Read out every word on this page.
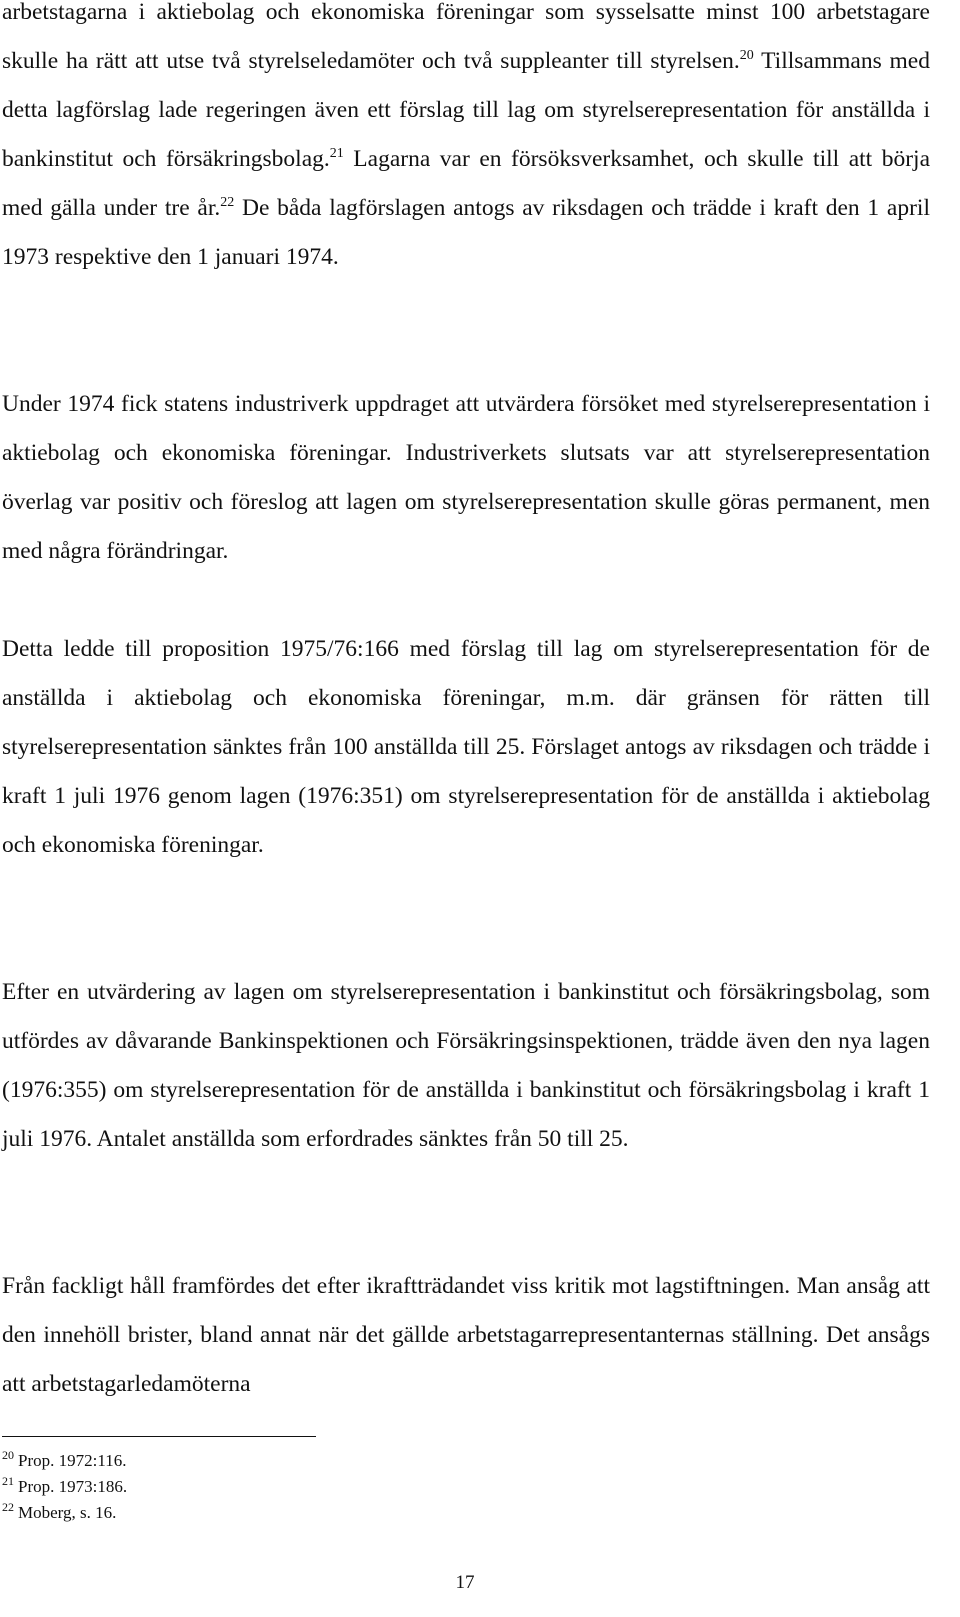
arbetstagarna i aktiebolag och ekonomiska föreningar som sysselsatte minst 100 arbetstagare skulle ha rätt att utse två styrelseledamöter och två suppleanter till styrelsen.$^{20}$ Tillsammans med detta lagförslag lade regeringen även ett förslag till lag om styrelserepresentation för anställda i bankinstitut och försäkringsbolag.$^{21}$ Lagarna var en försöksverksamhet, och skulle till att börja med gälla under tre år.$^{22}$ De båda lagförslagen antogs av riksdagen och trädde i kraft den 1 april 1973 respektive den 1 januari 1974.

Under 1974 fick statens industriverk uppdraget att utvärdera försöket med styrelserepresentation i aktiebolag och ekonomiska föreningar. Industriverkets slutsats var att styrelserepresentation överlag var positiv och föreslog att lagen om styrelserepresentation skulle göras permanent, men med några förändringar.

Detta ledde till proposition 1975/76:166 med förslag till lag om styrelserepresentation för de anställda i aktiebolag och ekonomiska föreningar, m.m. där gränsen för rätten till styrelserepresentation sänktes från 100 anställda till 25. Förslaget antogs av riksdagen och trädde i kraft 1 juli 1976 genom lagen (1976:351) om styrelserepresentation för de anställda i aktiebolag och ekonomiska föreningar.

Efter en utvärdering av lagen om styrelserepresentation i bankinstitut och försäkringsbolag, som utfördes av dåvarande Bankinspektionen och Försäkringsinspektionen, trädde även den nya lagen (1976:355) om styrelserepresentation för de anställda i bankinstitut och försäkringsbolag i kraft 1 juli 1976. Antalet anställda som erfordrades sänktes från 50 till 25.

Från fackligt håll framfördes det efter ikraftträdandet viss kritik mot lagstiftningen. Man ansåg att den innehöll brister, bland annat när det gällde arbetstagarrepresentanternas ställning. Det ansågs att arbetstagarledamöterna

$^{20}$ Prop. 1972:116.

$^{21}$ Prop. 1973:186.

$^{22}$ Moberg, s. 16.

17
